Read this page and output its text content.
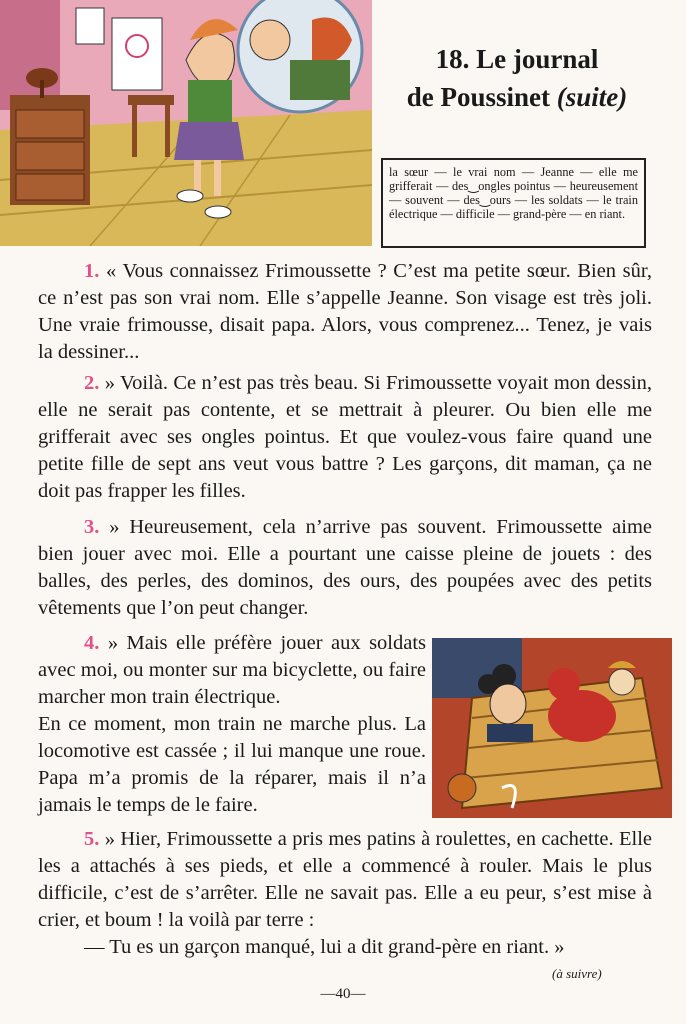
18. Le journal
de Poussinet (suite)
la sœur — le vrai nom — Jeanne — elle me grifferait — des‿ongles pointus — heureusement — souvent — des‿ours — les soldats — le train électrique — difficile — grand-père — en riant.
1. « Vous connaissez Frimoussette ? C’est ma petite sœur. Bien sûr, ce n’est pas son vrai nom. Elle s’appelle Jeanne. Son visage est très joli. Une vraie frimousse, disait papa. Alors, vous comprenez... Tenez, je vais la dessiner...
2. » Voilà. Ce n’est pas très beau. Si Frimoussette voyait mon dessin, elle ne serait pas contente, et se mettrait à pleurer. Ou bien elle me grifferait avec ses ongles pointus. Et que voulez-vous faire quand une petite fille de sept ans veut vous battre ? Les garçons, dit maman, ça ne doit pas frapper les filles.
3. » Heureusement, cela n’arrive pas souvent. Frimoussette aime bien jouer avec moi. Elle a pourtant une caisse pleine de jouets : des balles, des perles, des dominos, des ours, des poupées avec des petits vêtements que l’on peut changer.
4. » Mais elle préfère jouer aux soldats avec moi, ou monter sur ma bicyclette, ou faire marcher mon train électrique.
En ce moment, mon train ne marche plus. La locomotive est cassée ; il lui manque une roue. Papa m’a promis de la réparer, mais il n’a jamais le temps de le faire.
5. » Hier, Frimoussette a pris mes patins à roulettes, en cachette. Elle les a attachés à ses pieds, et elle a commencé à rouler. Mais le plus difficile, c’est de s’arrêter. Elle ne savait pas. Elle a eu peur, s’est mise à crier, et boum ! la voilà par terre :
— Tu es un garçon manqué, lui a dit grand-père en riant. »
(à suivre)
—40—
